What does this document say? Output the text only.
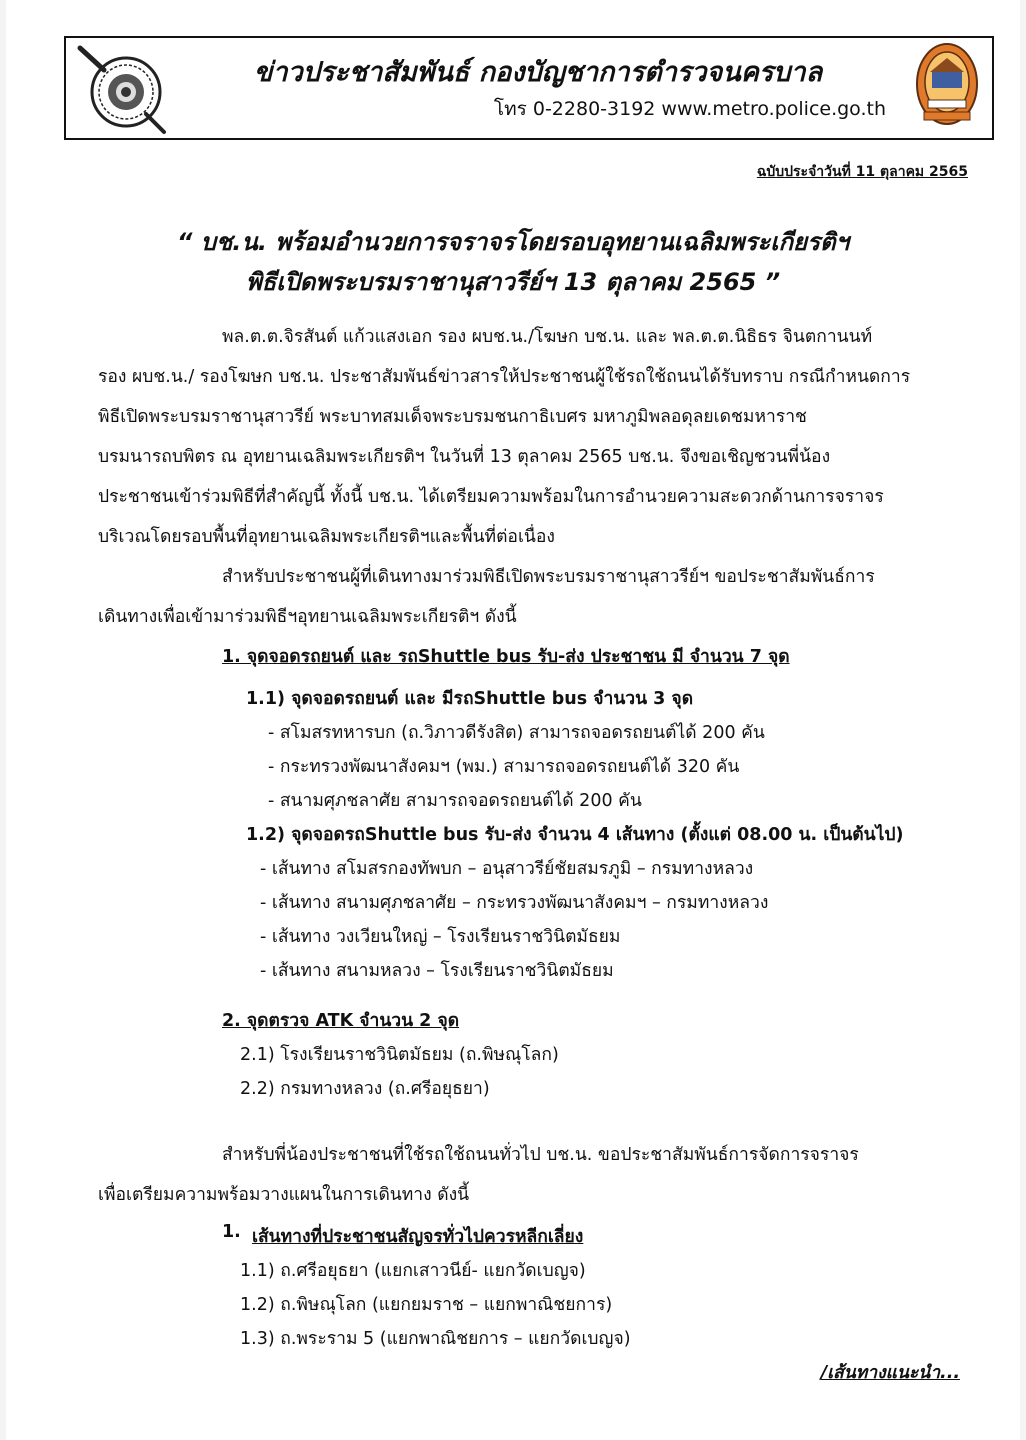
ข่าวประชาสัมพันธ์ กองบัญชาการตำรวจนครบาล
โทร 0-2280-3192 www.metro.police.go.th
ฉบับประจำวันที่ 11 ตุลาคม 2565
“ บช.น. พร้อมอำนวยการจราจรโดยรอบอุทยานเฉลิมพระเกียรติฯ
พิธีเปิดพระบรมราชานุสาวรีย์ฯ 13 ตุลาคม 2565 ”
พล.ต.ต.จิรสันต์ แก้วแสงเอก รอง ผบช.น./โฆษก บช.น. และ พล.ต.ต.นิธิธร จินตกานนท์
รอง ผบช.น./ รองโฆษก บช.น. ประชาสัมพันธ์ข่าวสารให้ประชาชนผู้ใช้รถใช้ถนนได้รับทราบ กรณีกำหนดการ
พิธีเปิดพระบรมราชานุสาวรีย์ พระบาทสมเด็จพระบรมชนกาธิเบศร มหาภูมิพลอดุลยเดชมหาราช
บรมนารถบพิตร ณ อุทยานเฉลิมพระเกียรติฯ ในวันที่ 13 ตุลาคม 2565 บช.น. จึงขอเชิญชวนพี่น้อง
ประชาชนเข้าร่วมพิธีที่สำคัญนี้ ทั้งนี้ บช.น. ได้เตรียมความพร้อมในการอำนวยความสะดวกด้านการจราจร
บริเวณโดยรอบพื้นที่อุทยานเฉลิมพระเกียรติฯและพื้นที่ต่อเนื่อง
สำหรับประชาชนผู้ที่เดินทางมาร่วมพิธีเปิดพระบรมราชานุสาวรีย์ฯ ขอประชาสัมพันธ์การ
เดินทางเพื่อเข้ามาร่วมพิธีฯอุทยานเฉลิมพระเกียรติฯ ดังนี้
1. จุดจอดรถยนต์ และ รถShuttle bus รับ-ส่ง ประชาชน มี จำนวน 7 จุด
1.1) จุดจอดรถยนต์ และ มีรถShuttle bus จำนวน 3 จุด
- สโมสรทหารบก (ถ.วิภาวดีรังสิต) สามารถจอดรถยนต์ได้ 200 คัน
- กระทรวงพัฒนาสังคมฯ (พม.) สามารถจอดรถยนต์ได้ 320 คัน
- สนามศุภชลาศัย สามารถจอดรถยนต์ได้ 200 คัน
1.2) จุดจอดรถShuttle bus รับ-ส่ง จำนวน 4 เส้นทาง (ตั้งแต่ 08.00 น. เป็นต้นไป)
- เส้นทาง สโมสรกองทัพบก – อนุสาวรีย์ชัยสมรภูมิ – กรมทางหลวง
- เส้นทาง สนามศุภชลาศัย – กระทรวงพัฒนาสังคมฯ – กรมทางหลวง
- เส้นทาง วงเวียนใหญ่ – โรงเรียนราชวินิตมัธยม
- เส้นทาง สนามหลวง – โรงเรียนราชวินิตมัธยม
2. จุดตรวจ ATK จำนวน 2 จุด
2.1) โรงเรียนราชวินิตมัธยม (ถ.พิษณุโลก)
2.2) กรมทางหลวง (ถ.ศรีอยุธยา)
สำหรับพี่น้องประชาชนที่ใช้รถใช้ถนนทั่วไป บช.น. ขอประชาสัมพันธ์การจัดการจราจร
เพื่อเตรียมความพร้อมวางแผนในการเดินทาง ดังนี้
1. เส้นทางที่ประชาชนสัญจรทั่วไปควรหลีกเลี่ยง
1.1) ถ.ศรีอยุธยา (แยกเสาวนีย์- แยกวัดเบญจ)
1.2) ถ.พิษณุโลก (แยกยมราช – แยกพาณิชยการ)
1.3) ถ.พระราม 5 (แยกพาณิชยการ – แยกวัดเบญจ)
/เส้นทางแนะนำ...
